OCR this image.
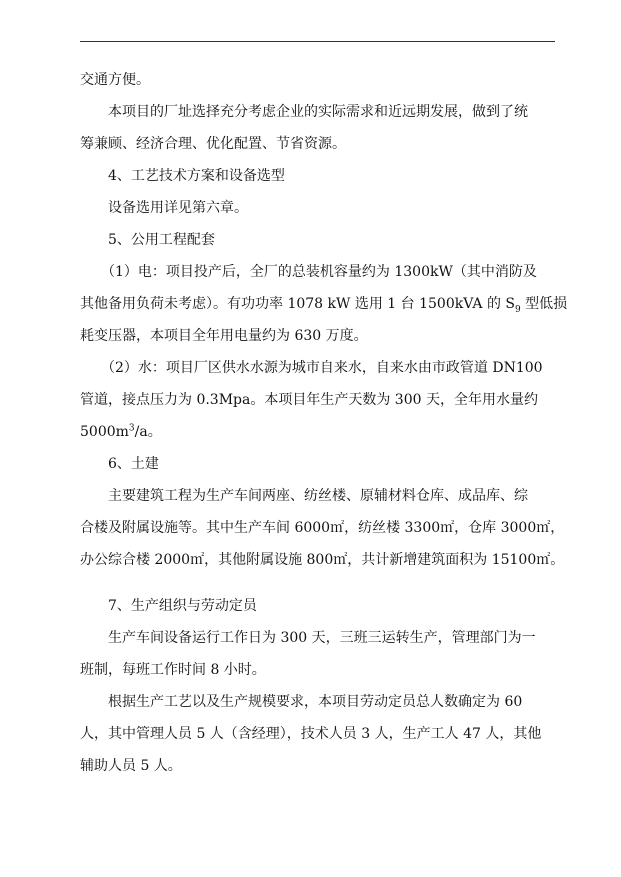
交通方便。

本项目的厂址选择充分考虑企业的实际需求和近远期发展，做到了统
筹兼顾、经济合理、优化配置、节省资源。

4、工艺技术方案和设备选型

设备选用详见第六章。

5、公用工程配套

（1）电：项目投产后，全厂的总装机容量约为 1300kW（其中消防及
其他备用负荷未考虑）。有功功率 1078 kW 选用 1 台 1500kVA 的 $S_9$ 型低损
耗变压器，本项目全年用电量约为 630 万度。

（2）水：项目厂区供水水源为城市自来水，自来水由市政管道 DN100
管道，接点压力为 0.3Mpa。本项目年生产天数为 300 天，全年用水量约
$5000m^3/a$。

6、土建

主要建筑工程为生产车间两座、纺丝楼、原辅材料仓库、成品库、综
合楼及附属设施等。其中生产车间 6000㎡，纺丝楼 3300㎡，仓库 3000㎡，
办公综合楼 2000㎡，其他附属设施 800㎡，共计新增建筑面积为 15100㎡。

7、生产组织与劳动定员

生产车间设备运行工作日为 300 天，三班三运转生产，管理部门为一
班制，每班工作时间 8 小时。

根据生产工艺以及生产规模要求，本项目劳动定员总人数确定为 60
人，其中管理人员 5 人（含经理），技术人员 3 人，生产工人 47 人，其他
辅助人员 5 人。
